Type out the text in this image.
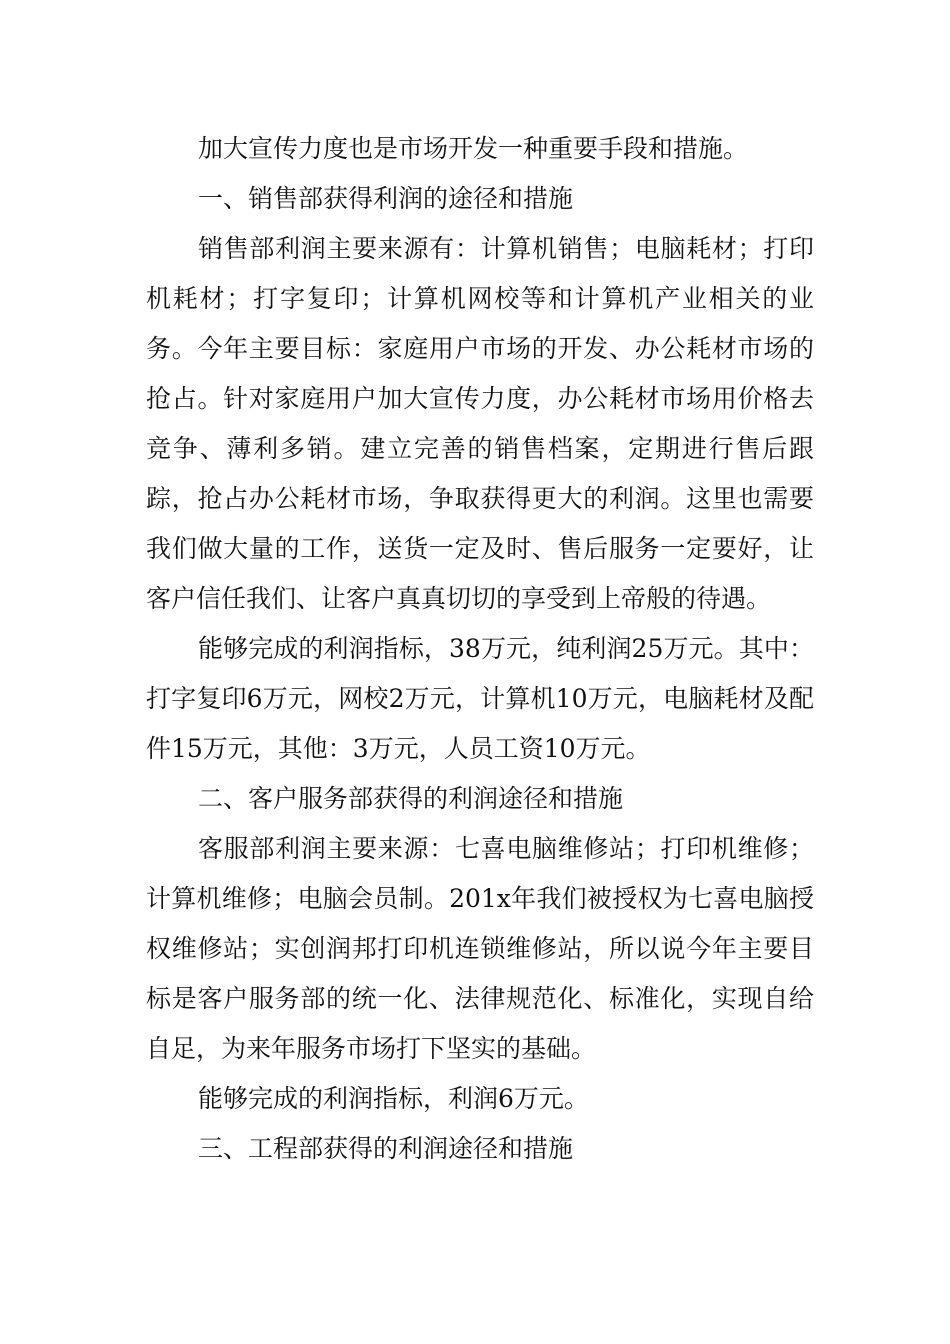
加大宣传力度也是市场开发一种重要手段和措施。

一、销售部获得利润的途径和措施

销售部利润主要来源有：计算机销售；电脑耗材；打印机耗材；打字复印；计算机网校等和计算机产业相关的业务。今年主要目标：家庭用户市场的开发、办公耗材市场的抢占。针对家庭用户加大宣传力度，办公耗材市场用价格去竞争、薄利多销。建立完善的销售档案，定期进行售后跟踪，抢占办公耗材市场，争取获得更大的利润。这里也需要我们做大量的工作，送货一定及时、售后服务一定要好，让客户信任我们、让客户真真切切的享受到上帝般的待遇。

能够完成的利润指标，38万元，纯利润25万元。其中：打字复印6万元，网校2万元，计算机10万元，电脑耗材及配件15万元，其他：3万元，人员工资10万元。

二、客户服务部获得的利润途径和措施

客服部利润主要来源：七喜电脑维修站；打印机维修；计算机维修；电脑会员制。201x年我们被授权为七喜电脑授权维修站；实创润邦打印机连锁维修站，所以说今年主要目标是客户服务部的统一化、法律规范化、标准化，实现自给自足，为来年服务市场打下坚实的基础。

能够完成的利润指标，利润6万元。

三、工程部获得的利润途径和措施
